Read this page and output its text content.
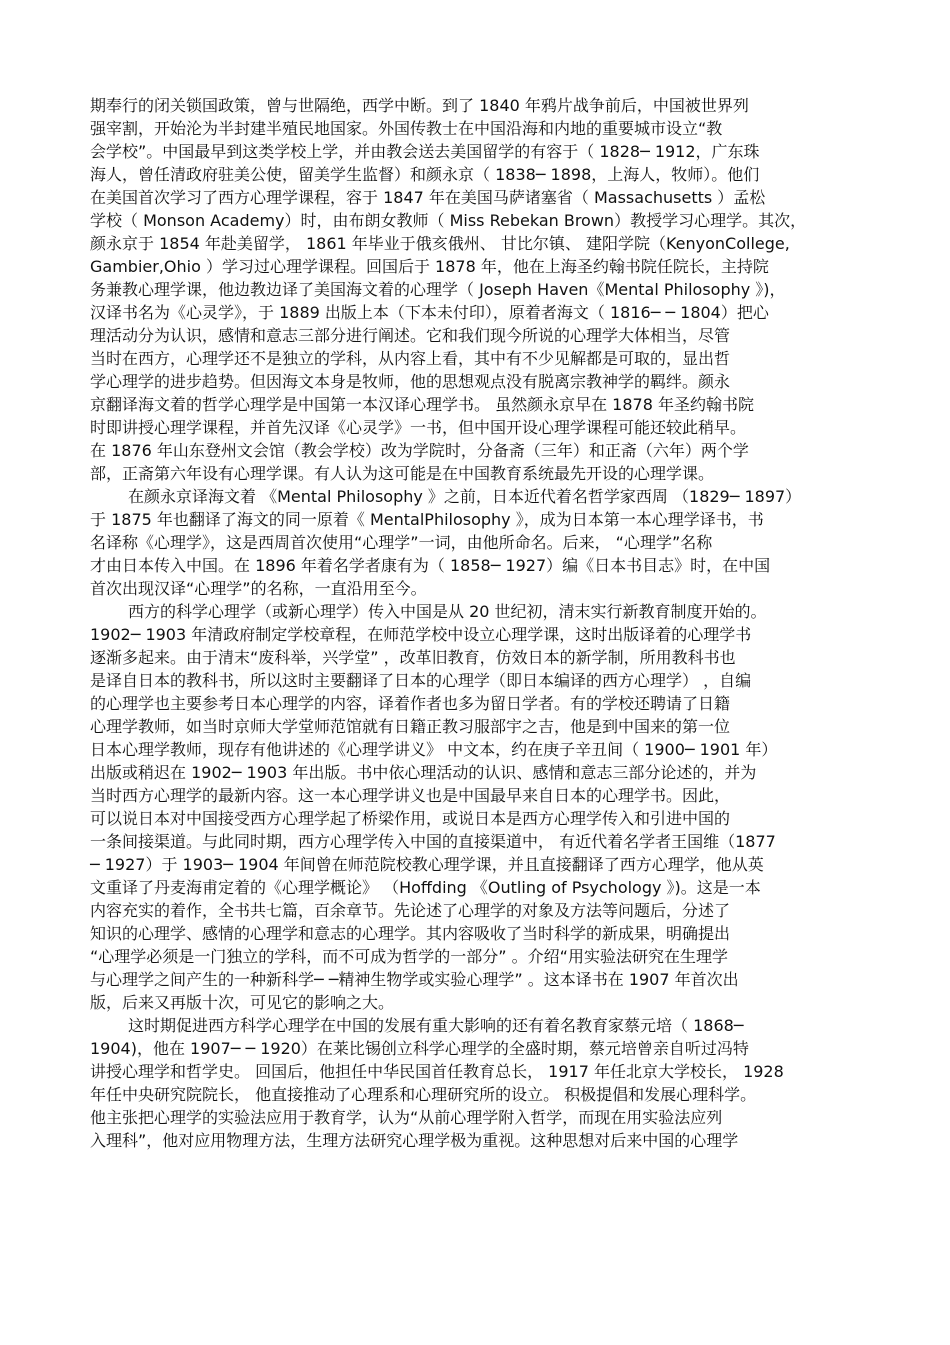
期奉行的闭关锁国政策，曾与世隔绝，西学中断。到了 1840 年鸦片战争前后，中国被世界列
强宰割，开始沦为半封建半殖民地国家。外国传教士在中国沿海和内地的重要城市设立“教
会学校”。中国最早到这类学校上学，并由教会送去美国留学的有容于（ 1828─ 1912，广东珠
海人，曾任清政府驻美公使，留美学生监督）和颜永京（ 1838─ 1898，上海人，牧师）。他们
在美国首次学习了西方心理学课程，容于 1847 年在美国马萨诸塞省（ Massachusetts ）孟松
学校（ Monson Academy）时，由布朗女教师（ Miss Rebekan Brown）教授学习心理学。其次，
颜永京于 1854 年赴美留学， 1861 年毕业于俄亥俄州、 甘比尔镇、 建阳学院（KenyonCollege,
Gambier,Ohio ）学习过心理学课程。回国后于 1878 年，他在上海圣约翰书院任院长，主持院
务兼教心理学课，他边教边译了美国海文着的心理学（ Joseph Haven《Mental Philosophy 》)，
汉译书名为《心灵学》，于 1889 出版上本（下本未付印），原着者海文（ 1816─ ─ 1804）把心
理活动分为认识，感情和意志三部分进行阐述。它和我们现今所说的心理学大体相当，尽管
当时在西方，心理学还不是独立的学科，从内容上看，其中有不少见解都是可取的，显出哲
学心理学的进步趋势。但因海文本身是牧师，他的思想观点没有脱离宗教神学的羁绊。颜永
京翻译海文着的哲学心理学是中国第一本汉译心理学书。 虽然颜永京早在 1878 年圣约翰书院
时即讲授心理学课程，并首先汉译《心灵学》一书，但中国开设心理学课程可能还较此稍早。
在 1876 年山东登州文会馆（教会学校）改为学院时，分备斋（三年）和正斋（六年）两个学
部，正斋第六年设有心理学课。有人认为这可能是在中国教育系统最先开设的心理学课。
在颜永京译海文着 《Mental Philosophy 》之前，日本近代着名哲学家西周 （1829─ 1897）
于 1875 年也翻译了海文的同一原着《 MentalPhilosophy 》，成为日本第一本心理学译书，书
名译称《心理学》，这是西周首次使用“心理学”一词，由他所命名。后来， “心理学”名称
才由日本传入中国。在 1896 年着名学者康有为（ 1858─ 1927）编《日本书目志》时，在中国
首次出现汉译“心理学”的名称，一直沿用至今。
西方的科学心理学（或新心理学）传入中国是从 20 世纪初，清末实行新教育制度开始的。
1902─ 1903 年清政府制定学校章程，在师范学校中设立心理学课，这时出版译着的心理学书
逐渐多起来。由于清末“废科举，兴学堂” ，改革旧教育，仿效日本的新学制，所用教科书也
是译自日本的教科书，所以这时主要翻译了日本的心理学（即日本编译的西方心理学） ，自编
的心理学也主要参考日本心理学的内容，译着作者也多为留日学者。有的学校还聘请了日籍
心理学教师，如当时京师大学堂师范馆就有日籍正教习服部宇之吉，他是到中国来的第一位
日本心理学教师，现存有他讲述的《心理学讲义》 中文本，约在庚子辛丑间（ 1900─ 1901 年）
出版或稍迟在 1902─ 1903 年出版。书中依心理活动的认识、感情和意志三部分论述的，并为
当时西方心理学的最新内容。这一本心理学讲义也是中国最早来自日本的心理学书。因此，
可以说日本对中国接受西方心理学起了桥梁作用，或说日本是西方心理学传入和引进中国的
一条间接渠道。与此同时期，西方心理学传入中国的直接渠道中， 有近代着名学者王国维（1877
─ 1927）于 1903─ 1904 年间曾在师范院校教心理学课，并且直接翻译了西方心理学，他从英
文重译了丹麦海甫定着的《心理学概论》 （Hoffding 《Outling of Psychology 》)。这是一本
内容充实的着作，全书共七篇，百余章节。先论述了心理学的对象及方法等问题后，分述了
知识的心理学、感情的心理学和意志的心理学。其内容吸收了当时科学的新成果，明确提出
“心理学必须是一门独立的学科，而不可成为哲学的一部分” 。介绍“用实验法研究在生理学
与心理学之间产生的一种新科学─ ─精神生物学或实验心理学” 。这本译书在 1907 年首次出
版，后来又再版十次，可见它的影响之大。
这时期促进西方科学心理学在中国的发展有重大影响的还有着名教育家蔡元培（ 1868─
1904)，他在 1907─ ─ 1920）在莱比锡创立科学心理学的全盛时期，蔡元培曾亲自听过冯特
讲授心理学和哲学史。 回国后，他担任中华民国首任教育总长， 1917 年任北京大学校长， 1928
年任中央研究院院长， 他直接推动了心理系和心理研究所的设立。 积极提倡和发展心理科学。
他主张把心理学的实验法应用于教育学，认为“从前心理学附入哲学，而现在用实验法应列
入理科”，他对应用物理方法，生理方法研究心理学极为重视。这种思想对后来中国的心理学
